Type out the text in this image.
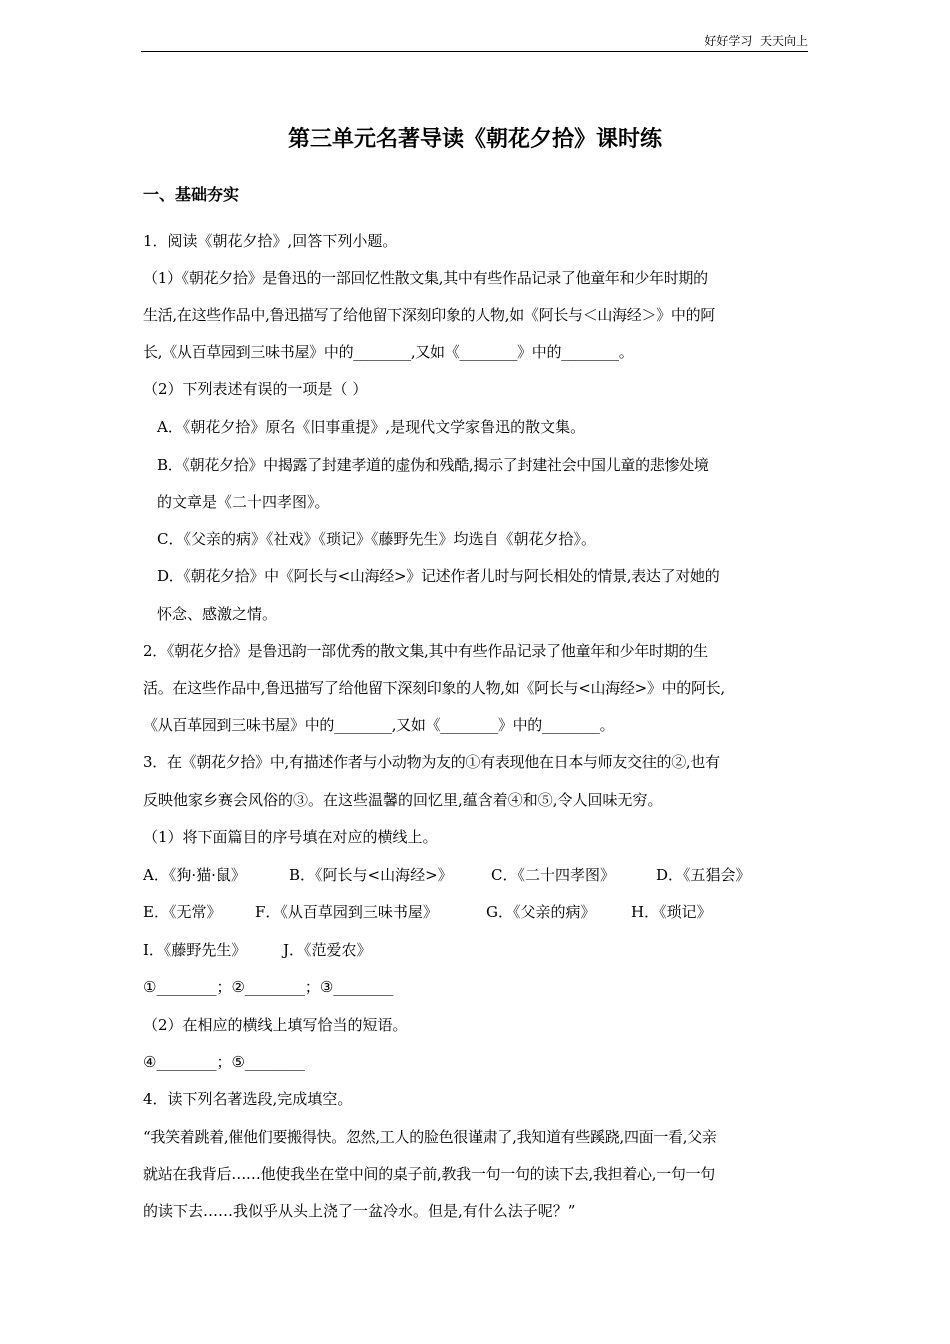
好好学习  天天向上
第三单元名著导读《朝花夕拾》课时练
一、基础夯实
1．阅读《朝花夕拾》,回答下列小题。
（1）《朝花夕拾》是鲁迅的一部回忆性散文集,其中有些作品记录了他童年和少年时期的
生活,在这些作品中,鲁迅描写了给他留下深刻印象的人物,如《阿长与＜山海经＞》中的阿
长,《从百草园到三味书屋》中的________,又如《________》中的________。
（2）下列表述有误的一项是（ ）
A．《朝花夕拾》原名《旧事重提》,是现代文学家鲁迅的散文集。
B．《朝花夕拾》中揭露了封建孝道的虚伪和残酷,揭示了封建社会中国儿童的悲惨处境
的文章是《二十四孝图》。
C．《父亲的病》《社戏》《琐记》《藤野先生》均选自《朝花夕拾》。
D．《朝花夕拾》中《阿长与<山海经>》记述作者儿时与阿长相处的情景,表达了对她的
怀念、感激之情。
2．《朝花夕拾》是鲁迅韵一部优秀的散文集,其中有些作品记录了他童年和少年时期的生
活。在这些作品中,鲁迅描写了给他留下深刻印象的人物,如《阿长与<山海经>》中的阿长,
《从百革园到三味书屋》中的________,又如《________》中的________。
3．在《朝花夕拾》中,有描述作者与小动物为友的①有表现他在日本与师友交往的②,也有
反映他家乡赛会风俗的③。在这些温馨的回忆里,蕴含着④和⑤,令人回味无穷。
（1）将下面篇目的序号填在对应的横线上。
A．《狗·猫·鼠》	B．《阿长与<山海经>》	C．《二十四孝图》	D．《五猖会》
E．《无常》 F．《从百草园到三味书屋》	G．《父亲的病》 H．《琐记》
I．《藤野先生》 J．《范爱农》
①________；②________；③________
（2）在相应的横线上填写恰当的短语。
④________；⑤________
4．读下列名著选段,完成填空。
“我笑着跳着,催他们要搬得快。忽然,工人的脸色很谨肃了,我知道有些蹊跷,四面一看,父亲
就站在我背后……他使我坐在堂中间的桌子前,教我一句一句的读下去,我担着心,一句一句
的读下去……我似乎从头上浇了一盆冷水。但是,有什么法子呢？”
